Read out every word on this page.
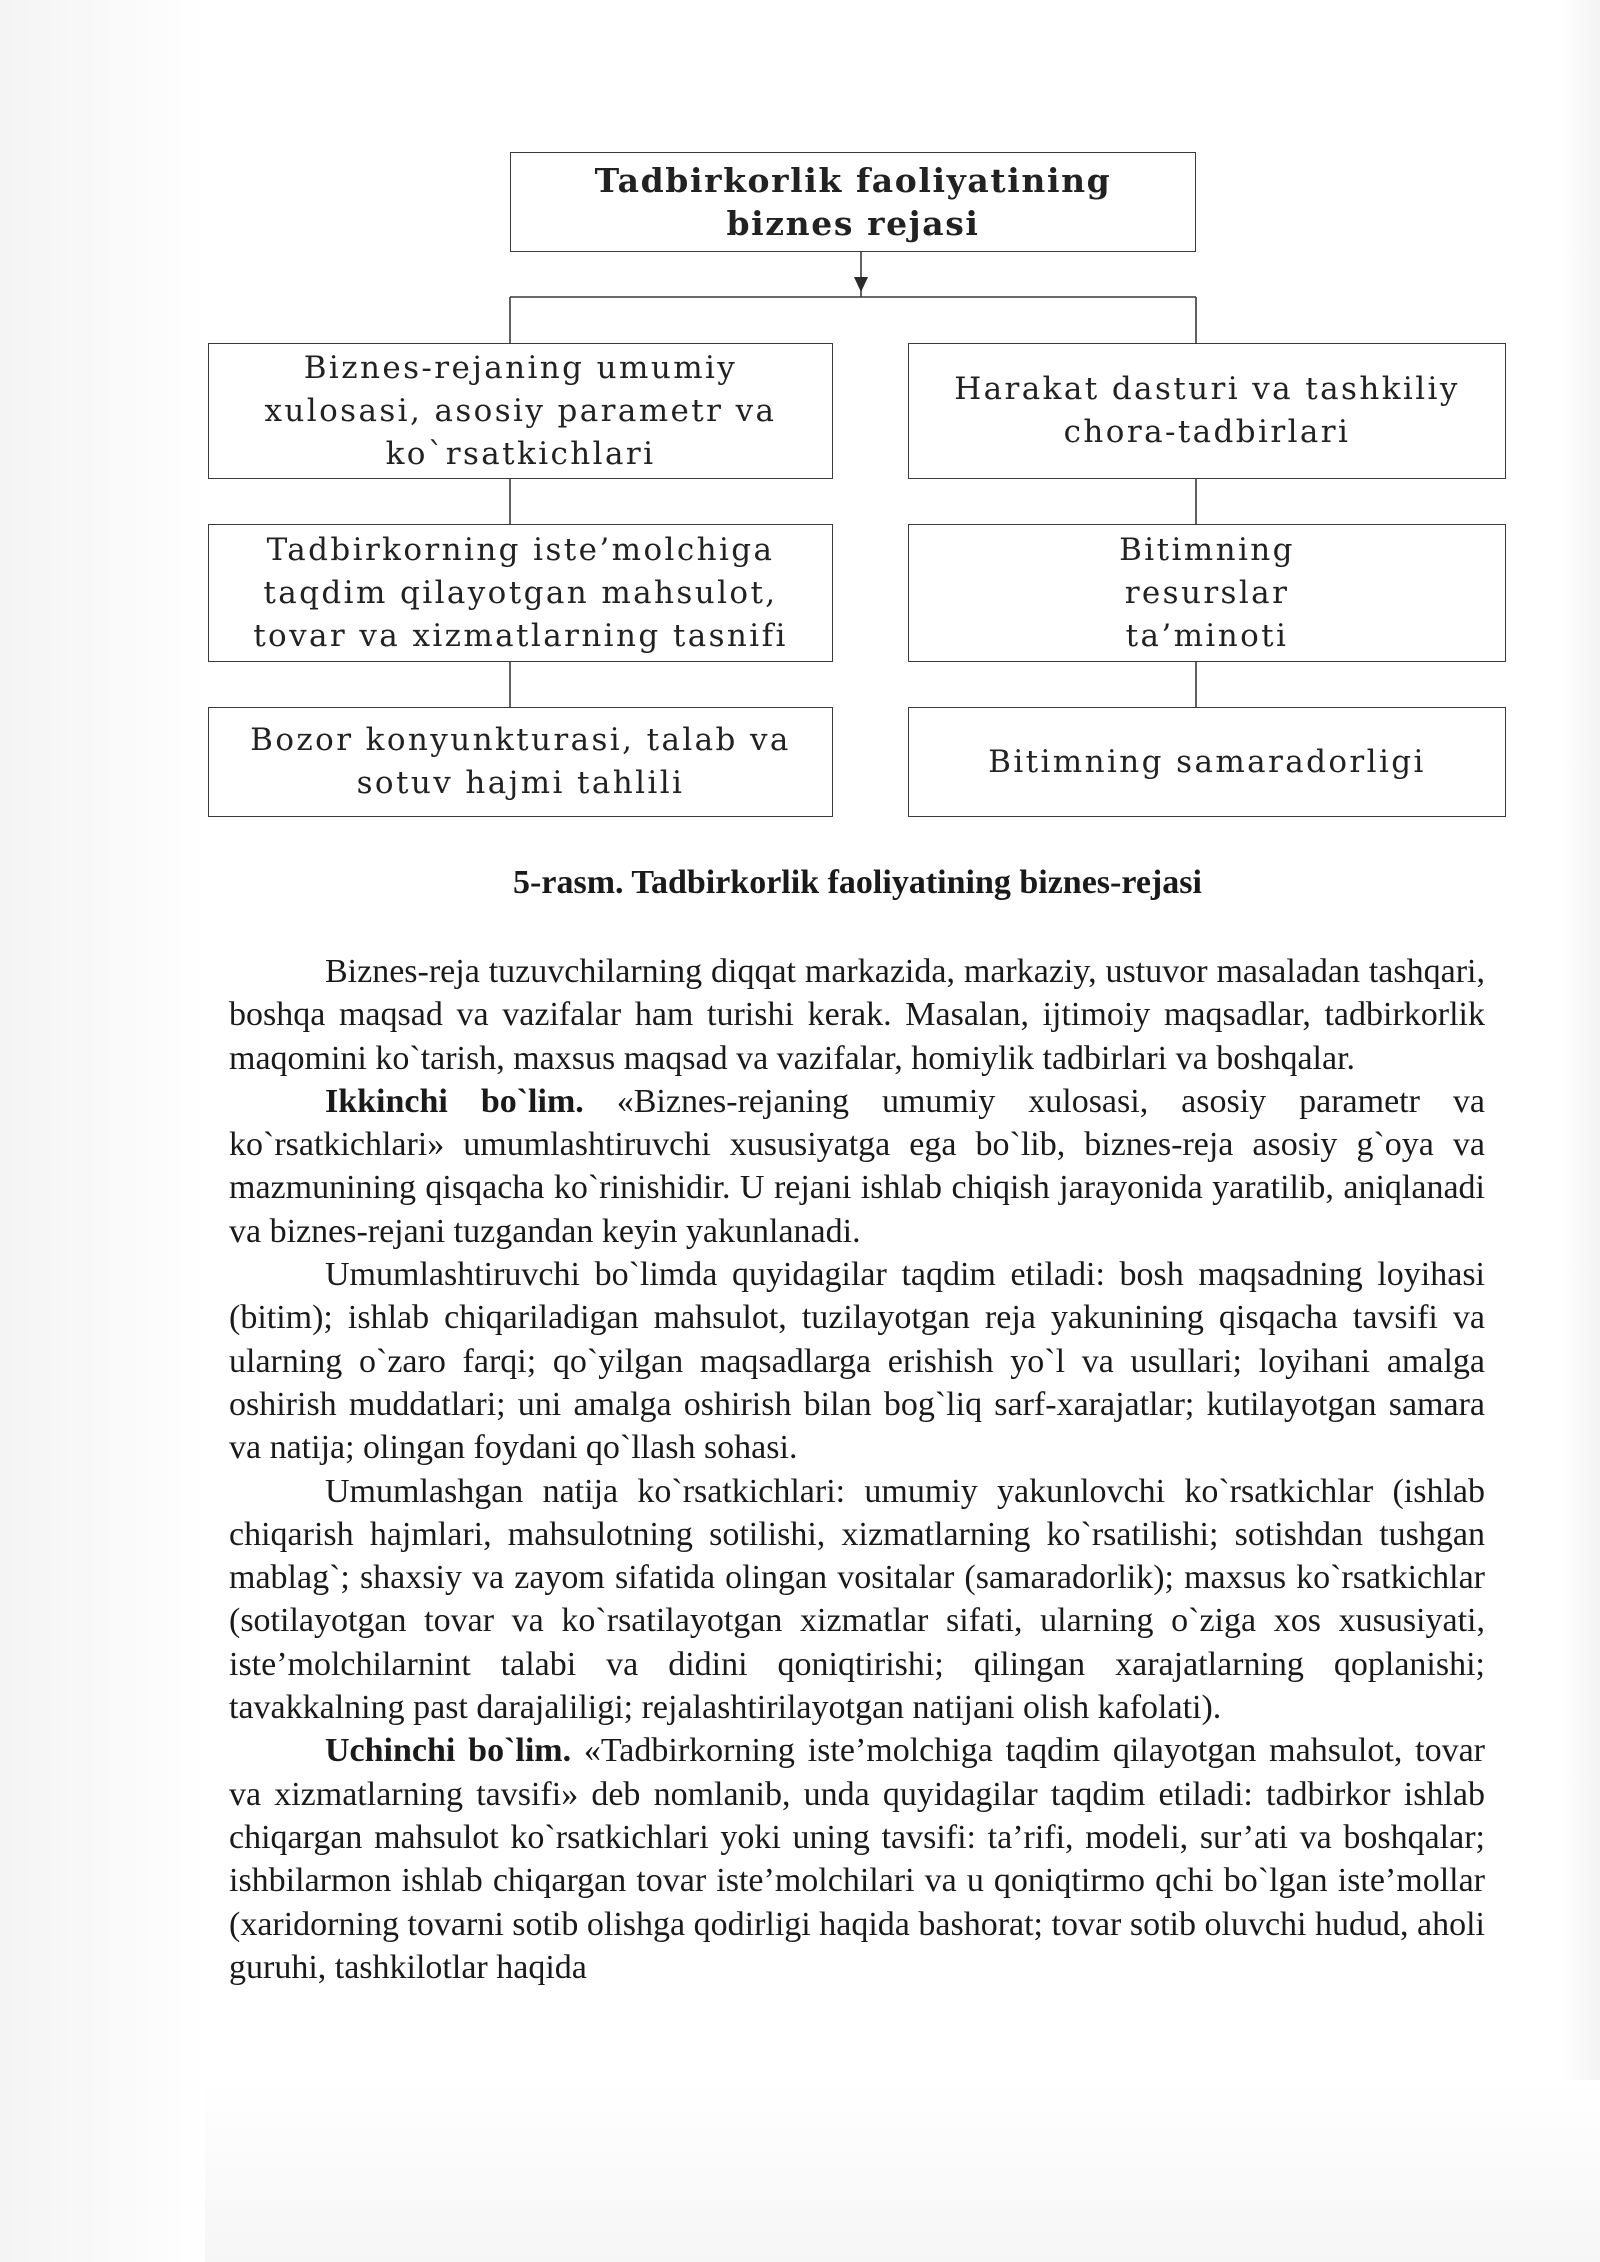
Tadbirkorlik faoliyatining biznes rejasi
Biznes-rejaning umumiy xulosasi, asosiy parametr va ko`rsatkichlari
Tadbirkorning iste’molchiga taqdim qilayotgan mahsulot, tovar va xizmatlarning tasnifi
Bozor konyunkturasi, talab va sotuv hajmi tahlili
Harakat dasturi va tashkiliy chora-tadbirlari
Bitimning resurslar ta’minoti
Bitimning samaradorligi
5-rasm. Tadbirkorlik faoliyatining biznes-rejasi

Biznes-reja tuzuvchilarning diqqat markazida, markaziy, ustuvor masaladan tashqari, boshqa maqsad va vazifalar ham turishi kerak. Masalan, ijtimoiy maqsadlar, tadbirkorlik maqomini ko`tarish, maxsus maqsad va vazifalar, homiylik tadbirlari va boshqalar.

Ikkinchi bo`lim. «Biznes-rejaning umumiy xulosasi, asosiy parametr va ko`rsatkichlari» umumlashtiruvchi xususiyatga ega bo`lib, biznes-reja asosiy g`oya va mazmunining qisqacha ko`rinishidir. U rejani ishlab chiqish jarayonida yaratilib, aniqlanadi va biznes-rejani tuzgandan keyin yakunlanadi.

Umumlashtiruvchi bo`limda quyidagilar taqdim etiladi: bosh maqsadning loyihasi (bitim); ishlab chiqariladigan mahsulot, tuzilayotgan reja yakunining qisqacha tavsifi va ularning o`zaro farqi; qo`yilgan maqsadlarga erishish yo`l va usullari; loyihani amalga oshirish muddatlari; uni amalga oshirish bilan bog`liq sarf-xarajatlar; kutilayotgan samara va natija; olingan foydani qo`llash sohasi.

Umumlashgan natija ko`rsatkichlari: umumiy yakunlovchi ko`rsatkichlar (ishlab chiqarish hajmlari, mahsulotning sotilishi, xizmatlarning ko`rsatilishi; sotishdan tushgan mablag`; shaxsiy va zayom sifatida olingan vositalar (samaradorlik); maxsus ko`rsatkichlar (sotilayotgan tovar va ko`rsatilayotgan xizmatlar sifati, ularning o`ziga xos xususiyati, iste’molchilarnint talabi va didini qoniqtirishi; qilingan xarajatlarning qoplanishi; tavakkalning past darajaliligi; rejalashtirilayotgan natijani olish kafolati).

Uchinchi bo`lim. «Tadbirkorning iste’molchiga taqdim qilayotgan mahsulot, tovar va xizmatlarning tavsifi» deb nomlanib, unda quyidagilar taqdim etiladi: tadbirkor ishlab chiqargan mahsulot ko`rsatkichlari yoki uning tavsifi: ta’rifi, modeli, sur’ati va boshqalar; ishbilarmon ishlab chiqargan tovar iste’molchilari va u qoniqtirmo qchi bo`lgan iste’mollar (xaridorning tovarni sotib olishga qodirligi haqida bashorat; tovar sotib oluvchi hudud, aholi guruhi, tashkilotlar haqida
